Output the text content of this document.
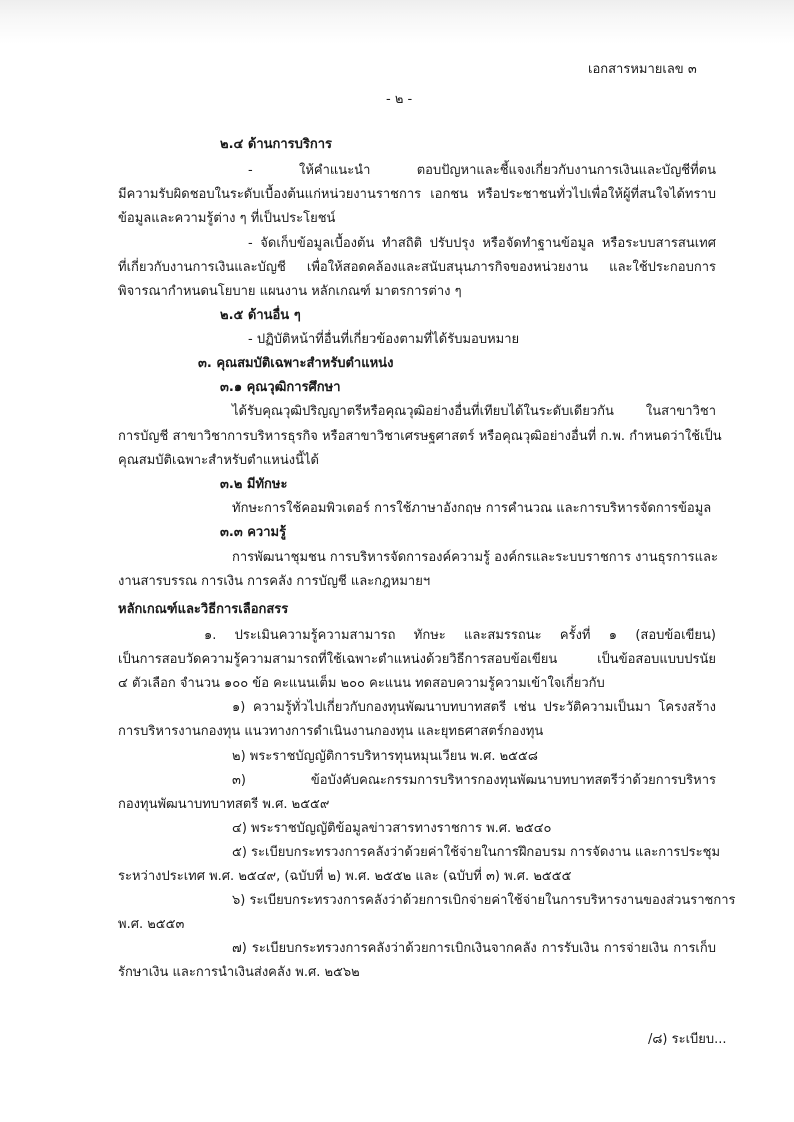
เอกสารหมายเลข ๓
- ๒ -
๒.๔ ด้านการบริการ
- ให้คำแนะนำ ตอบปัญหาและชี้แจงเกี่ยวกับงานการเงินและบัญชีที่ตน
มีความรับผิดชอบในระดับเบื้องต้นแก่หน่วยงานราชการ เอกชน หรือประชาชนทั่วไปเพื่อให้ผู้ที่สนใจได้ทราบ
ข้อมูลและความรู้ต่าง ๆ ที่เป็นประโยชน์
- จัดเก็บข้อมูลเบื้องต้น ทำสถิติ ปรับปรุง หรือจัดทำฐานข้อมูล หรือระบบสารสนเทศ
ที่เกี่ยวกับงานการเงินและบัญชี เพื่อให้สอดคล้องและสนับสนุนภารกิจของหน่วยงาน และใช้ประกอบการ
พิจารณากำหนดนโยบาย แผนงาน หลักเกณฑ์ มาตรการต่าง ๆ
๒.๕ ด้านอื่น ๆ
- ปฏิบัติหน้าที่อื่นที่เกี่ยวข้องตามที่ได้รับมอบหมาย
๓. คุณสมบัติเฉพาะสำหรับตำแหน่ง
๓.๑ คุณวุฒิการศึกษา
ได้รับคุณวุฒิปริญญาตรีหรือคุณวุฒิอย่างอื่นที่เทียบได้ในระดับเดียวกัน ในสาขาวิชา
การบัญชี สาขาวิชาการบริหารธุรกิจ หรือสาขาวิชาเศรษฐศาสตร์ หรือคุณวุฒิอย่างอื่นที่ ก.พ. กำหนดว่าใช้เป็น
คุณสมบัติเฉพาะสำหรับตำแหน่งนี้ได้
๓.๒ มีทักษะ
ทักษะการใช้คอมพิวเตอร์ การใช้ภาษาอังกฤษ การคำนวณ และการบริหารจัดการข้อมูล
๓.๓ ความรู้
การพัฒนาชุมชน การบริหารจัดการองค์ความรู้ องค์กรและระบบราชการ งานธุรการและ
งานสารบรรณ การเงิน การคลัง การบัญชี และกฎหมายฯ
หลักเกณฑ์และวิธีการเลือกสรร
๑. ประเมินความรู้ความสามารถ ทักษะ และสมรรถนะ ครั้งที่ ๑ (สอบข้อเขียน)
เป็นการสอบวัดความรู้ความสามารถที่ใช้เฉพาะตำแหน่งด้วยวิธีการสอบข้อเขียน เป็นข้อสอบแบบปรนัย
๔ ตัวเลือก จำนวน ๑๐๐ ข้อ คะแนนเต็ม ๒๐๐ คะแนน ทดสอบความรู้ความเข้าใจเกี่ยวกับ
๑) ความรู้ทั่วไปเกี่ยวกับกองทุนพัฒนาบทบาทสตรี เช่น ประวัติความเป็นมา โครงสร้าง
การบริหารงานกองทุน แนวทางการดำเนินงานกองทุน และยุทธศาสตร์กองทุน
๒) พระราชบัญญัติการบริหารทุนหมุนเวียน พ.ศ. ๒๕๕๘
๓) ข้อบังคับคณะกรรมการบริหารกองทุนพัฒนาบทบาทสตรีว่าด้วยการบริหาร
กองทุนพัฒนาบทบาทสตรี พ.ศ. ๒๕๕๙
๔) พระราชบัญญัติข้อมูลข่าวสารทางราชการ พ.ศ. ๒๕๔๐
๕) ระเบียบกระทรวงการคลังว่าด้วยค่าใช้จ่ายในการฝึกอบรม การจัดงาน และการประชุม
ระหว่างประเทศ พ.ศ. ๒๕๔๙, (ฉบับที่ ๒) พ.ศ. ๒๕๕๒ และ (ฉบับที่ ๓) พ.ศ. ๒๕๕๕
๖) ระเบียบกระทรวงการคลังว่าด้วยการเบิกจ่ายค่าใช้จ่ายในการบริหารงานของส่วนราชการ
พ.ศ. ๒๕๕๓
๗) ระเบียบกระทรวงการคลังว่าด้วยการเบิกเงินจากคลัง การรับเงิน การจ่ายเงิน การเก็บ
รักษาเงิน และการนำเงินส่งคลัง พ.ศ. ๒๕๖๒
/๘) ระเบียบ...
